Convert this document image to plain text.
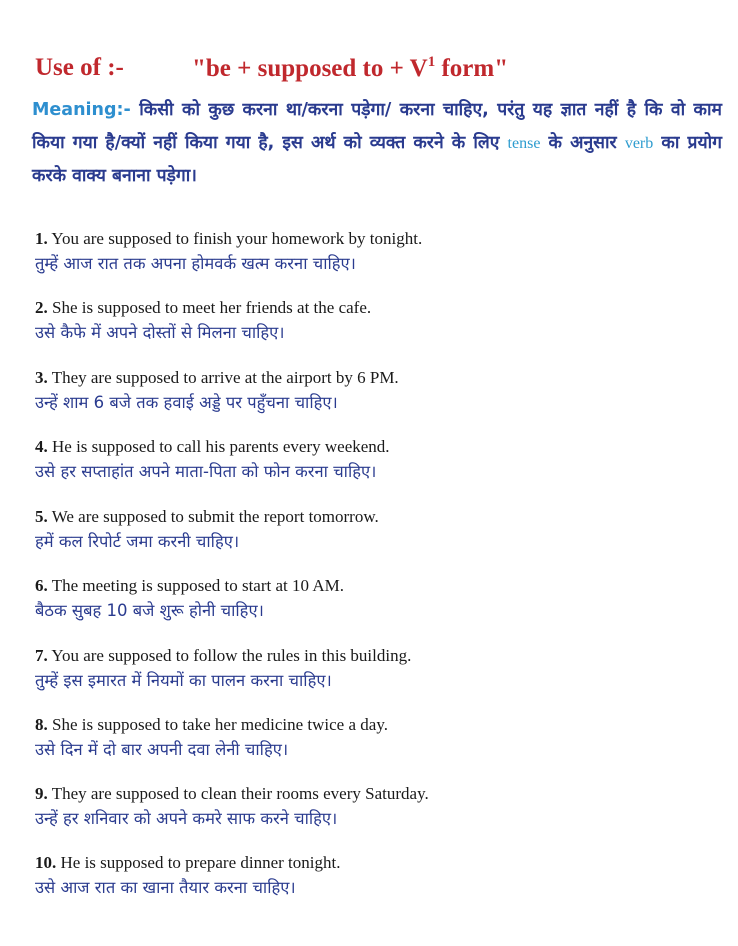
Use of :-	"be + supposed to + $V^1$ form"
Meaning:- किसी को कुछ करना था/करना पड़ेगा/ करना चाहिए, परंतु यह ज्ञात नहीं है कि वो काम किया गया है/क्यों नहीं किया गया है, इस अर्थ को व्यक्त करने के लिए tense के अनुसार verb का प्रयोग करके वाक्य बनाना पड़ेगा।
1. You are supposed to finish your homework by tonight.
तुम्हें आज रात तक अपना होमवर्क खत्म करना चाहिए।
2. She is supposed to meet her friends at the cafe.
उसे कैफे में अपने दोस्तों से मिलना चाहिए।
3. They are supposed to arrive at the airport by 6 PM.
उन्हें शाम 6 बजे तक हवाई अड्डे पर पहुँचना चाहिए।
4. He is supposed to call his parents every weekend.
उसे हर सप्ताहांत अपने माता-पिता को फोन करना चाहिए।
5. We are supposed to submit the report tomorrow.
हमें कल रिपोर्ट जमा करनी चाहिए।
6. The meeting is supposed to start at 10 AM.
बैठक सुबह 10 बजे शुरू होनी चाहिए।
7. You are supposed to follow the rules in this building.
तुम्हें इस इमारत में नियमों का पालन करना चाहिए।
8. She is supposed to take her medicine twice a day.
उसे दिन में दो बार अपनी दवा लेनी चाहिए।
9. They are supposed to clean their rooms every Saturday.
उन्हें हर शनिवार को अपने कमरे साफ करने चाहिए।
10. He is supposed to prepare dinner tonight.
उसे आज रात का खाना तैयार करना चाहिए।
